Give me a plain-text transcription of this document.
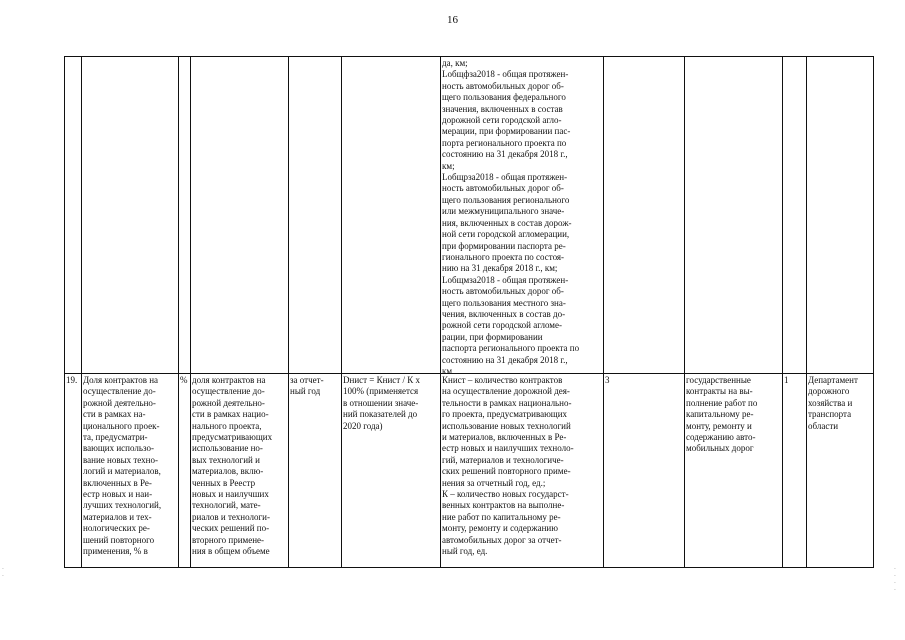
16
да, км;
Lобщфза2018 - общая протяжен-
ность автомобильных дорог об-
щего пользования федерального
значения, включенных в состав
дорожной сети городской агло-
мерации, при формировании пас-
порта регионального проекта по
состоянию на 31 декабря 2018 г.,
км;
Lобщрза2018 - общая протяжен-
ность автомобильных дорог об-
щего пользования регионального
или межмуниципального значе-
ния, включенных в состав дорож-
ной сети городской агломерации,
при формировании паспорта ре-
гионального проекта по состоя-
нию на 31 декабря 2018 г., км;
Lобщмза2018 - общая протяжен-
ность автомобильных дорог об-
щего пользования местного зна-
чения, включенных в состав до-
рожной сети городской агломе-
рации, при формировании
паспорта регионального проекта по
состоянию на 31 декабря 2018 г.,
км
19. Доля контрактов на
осуществление до-
рожной деятельно-
сти в рамках на-
ционального проек-
та, предусматри-
вающих использо-
вание новых техно-
логий и материалов,
включенных в Ре-
естр новых и наи-
лучших технологий,
материалов и тех-
нологических ре-
шений повторного
применения, % в
% доля контрактов на
осуществление до-
рожной деятельно-
сти в рамках нацио-
нального проекта,
предусматривающих
использование но-
вых технологий и
материалов, вклю-
ченных в Реестр
новых и наилучших
технологий, мате-
риалов и технологи-
ческих решений по-
вторного примене-
ния в общем объеме
за отчет-
ный год
Dнист = Книст / К х
100% (применяется
в отношении значе-
ний показателей до
2020 года)
Книст – количество контрактов
на осуществление дорожной дея-
тельности в рамках национально-
го проекта, предусматривающих
использование новых технологий
и материалов, включенных в Ре-
естр новых и наилучших техноло-
гий, материалов и технологиче-
ских решений повторного приме-
нения за отчетный год, ед.;
К – количество новых государст-
венных контрактов на выполне-
ние работ по капитальному ре-
монту, ремонту и содержанию
автомобильных дорог за отчет-
ный год, ед.
3	государственные
контракты на вы-
полнение работ по
капитальному ре-
монту, ремонту и
содержанию авто-
мобильных дорог
1	Департамент
дорожного
хозяйства и
транспорта
области
·
·
·
·
·
·
